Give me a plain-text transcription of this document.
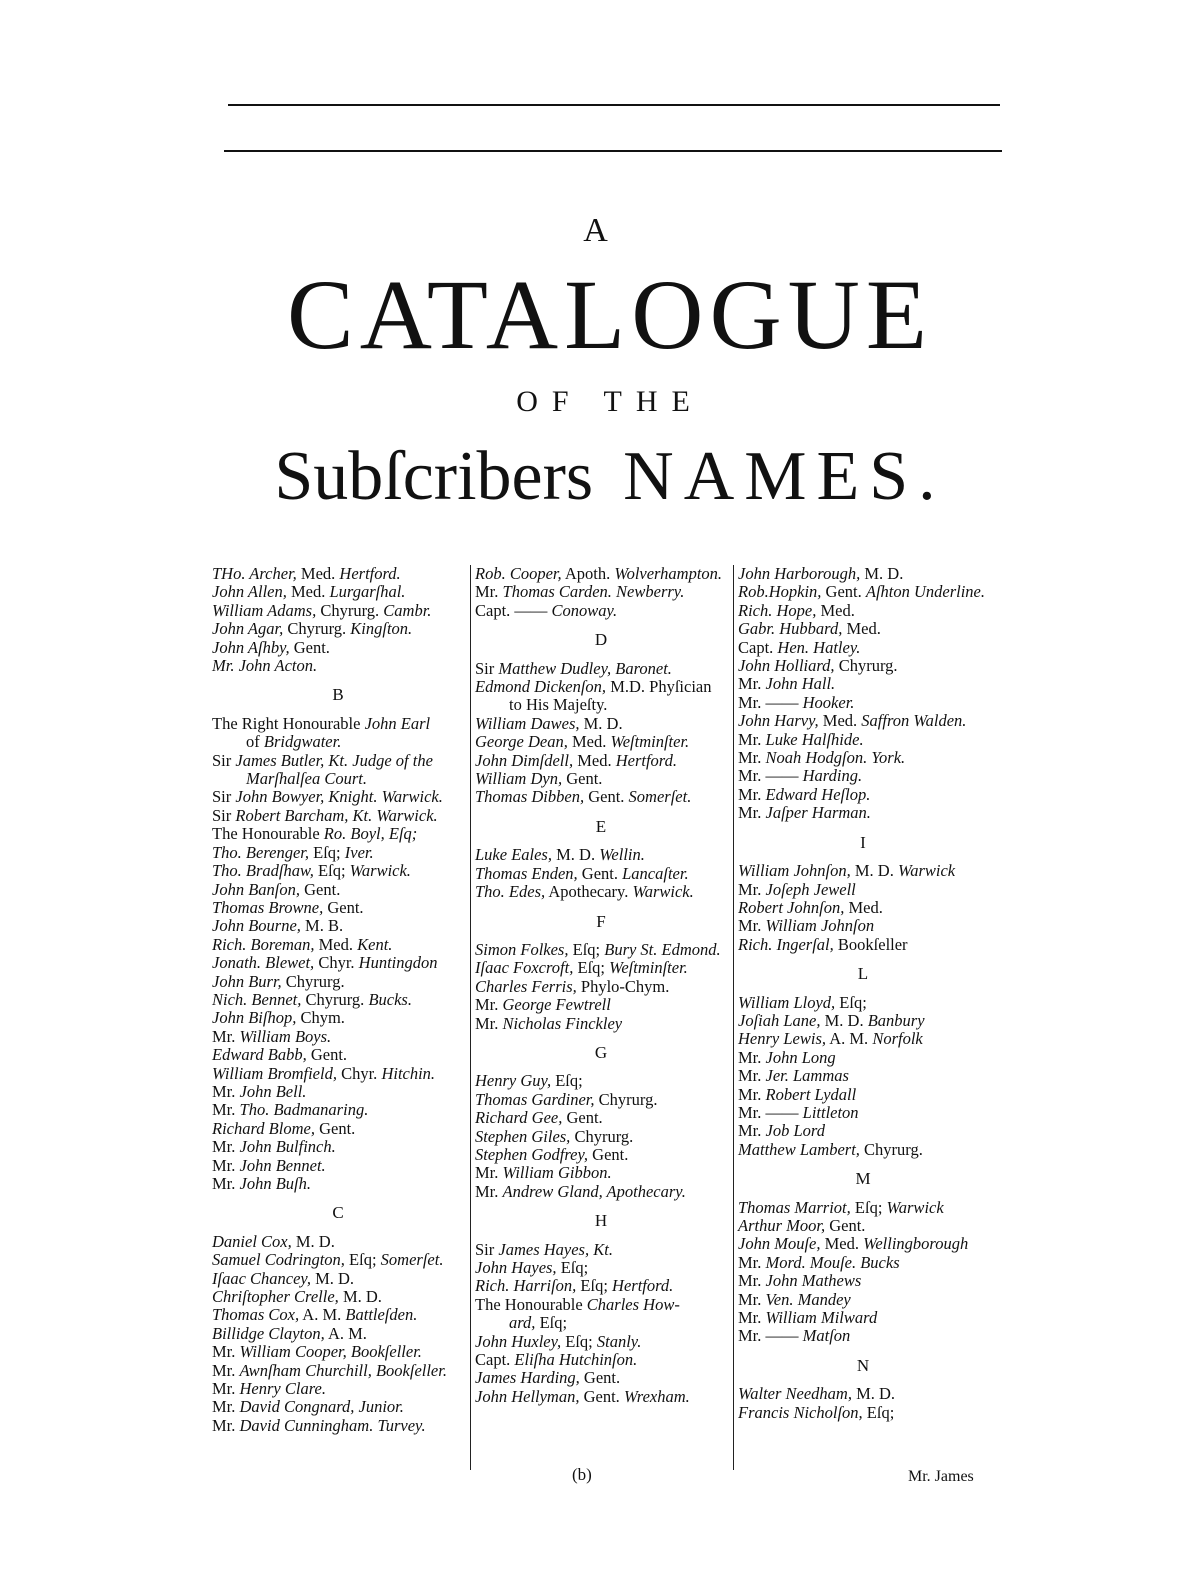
A
CATALOGUE
OF THE
Subſcribers NAMES.
THo. Archer, Med. Hertford.
John Allen, Med. Lurgarſhal.
William Adams, Chyrurg. Cambr.
John Agar, Chyrurg. Kingſton.
John Aſhby, Gent.
Mr. John Acton.
B
The Right Honourable John Earl
of Bridgwater.
Sir James Butler, Kt. Judge of the
Marſhalſea Court.
Sir John Bowyer, Knight. Warwick.
Sir Robert Barcham, Kt. Warwick.
The Honourable Ro. Boyl, Eſq;
Tho. Berenger, Eſq; Iver.
Tho. Bradſhaw, Eſq; Warwick.
John Banſon, Gent.
Thomas Browne, Gent.
John Bourne, M. B.
Rich. Boreman, Med. Kent.
Jonath. Blewet, Chyr. Huntingdon
John Burr, Chyrurg.
Nich. Bennet, Chyrurg. Bucks.
John Biſhop, Chym.
Mr. William Boys.
Edward Babb, Gent.
William Bromfield, Chyr. Hitchin.
Mr. John Bell.
Mr. Tho. Badmanaring.
Richard Blome, Gent.
Mr. John Bulfinch.
Mr. John Bennet.
Mr. John Buſh.
C
Daniel Cox, M. D.
Samuel Codrington, Eſq; Somerſet.
Iſaac Chancey, M. D.
Chriſtopher Crelle, M. D.
Thomas Cox, A. M. Battleſden.
Billidge Clayton, A. M.
Mr. William Cooper, Bookſeller.
Mr. Awnſham Churchill, Bookſeller.
Mr. Henry Clare.
Mr. David Congnard, Junior.
Mr. David Cunningham. Turvey.
Rob. Cooper, Apoth. Wolverhampton.
Mr. Thomas Carden. Newberry.
Capt. —— Conoway.
D
Sir Matthew Dudley, Baronet.
Edmond Dickenſon, M.D. Phyſician
to His Majeſty.
William Dawes, M. D.
George Dean, Med. Weſtminſter.
John Dimſdell, Med. Hertford.
William Dyn, Gent.
Thomas Dibben, Gent. Somerſet.
E
Luke Eales, M. D. Wellin.
Thomas Enden, Gent. Lancaſter.
Tho. Edes, Apothecary. Warwick.
F
Simon Folkes, Eſq; Bury St. Edmond.
Iſaac Foxcroft, Eſq; Weſtminſter.
Charles Ferris, Phylo-Chym.
Mr. George Fewtrell
Mr. Nicholas Finckley
G
Henry Guy, Eſq;
Thomas Gardiner, Chyrurg.
Richard Gee, Gent.
Stephen Giles, Chyrurg.
Stephen Godfrey, Gent.
Mr. William Gibbon.
Mr. Andrew Gland, Apothecary.
H
Sir James Hayes, Kt.
John Hayes, Eſq;
Rich. Harriſon, Eſq; Hertford.
The Honourable Charles How-
ard, Eſq;
John Huxley, Eſq; Stanly.
Capt. Eliſha Hutchinſon.
James Harding, Gent.
John Hellyman, Gent. Wrexham.
John Harborough, M. D.
Rob.Hopkin, Gent. Aſhton Underline.
Rich. Hope, Med.
Gabr. Hubbard, Med.
Capt. Hen. Hatley.
John Holliard, Chyrurg.
Mr. John Hall.
Mr. —— Hooker.
John Harvy, Med. Saffron Walden.
Mr. Luke Halſhide.
Mr. Noah Hodgſon. York.
Mr. —— Harding.
Mr. Edward Heſlop.
Mr. Jaſper Harman.
I
William Johnſon, M. D. Warwick
Mr. Joſeph Jewell
Robert Johnſon, Med.
Mr. William Johnſon
Rich. Ingerſal, Bookſeller
L
William Lloyd, Eſq;
Joſiah Lane, M. D. Banbury
Henry Lewis, A. M. Norfolk
Mr. John Long
Mr. Jer. Lammas
Mr. Robert Lydall
Mr. —— Littleton
Mr. Job Lord
Matthew Lambert, Chyrurg.
M
Thomas Marriot, Eſq; Warwick
Arthur Moor, Gent.
John Mouſe, Med. Wellingborough
Mr. Mord. Mouſe. Bucks
Mr. John Mathews
Mr. Ven. Mandey
Mr. William Milward
Mr. —— Matſon
N
Walter Needham, M. D.
Francis Nicholſon, Eſq;
(b)	Mr. James
